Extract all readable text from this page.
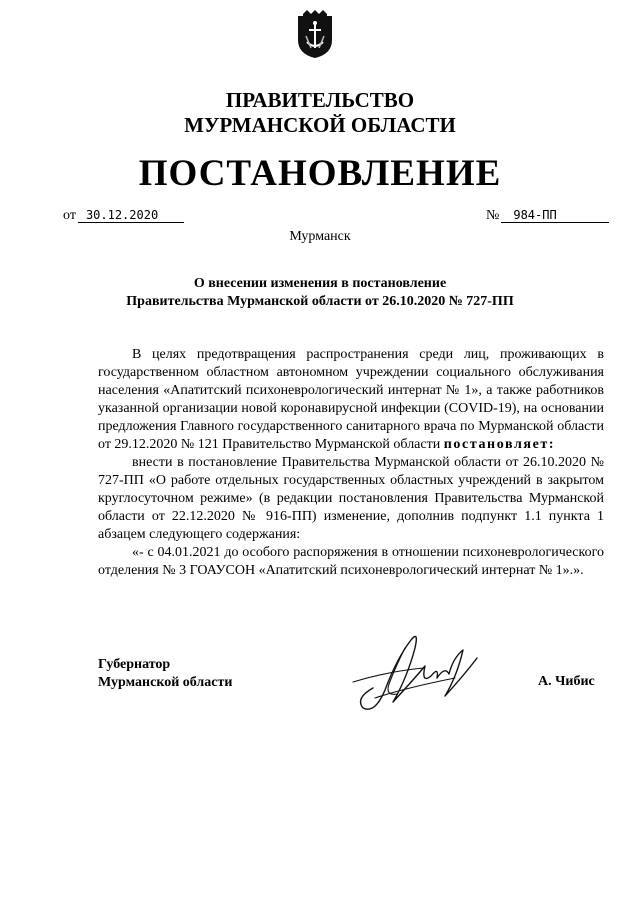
ПРАВИТЕЛЬСТВО
МУРМАНСКОЙ ОБЛАСТИ
ПОСТАНОВЛЕНИЕ
от 30.12.2020	№ 984-ПП
Мурманск
О внесении изменения в постановление
Правительства Мурманской области от 26.10.2020 № 727-ПП

В целях предотвращения распространения среди лиц, проживающих в государственном областном автономном учреждении социального обслуживания населения «Апатитский психоневрологический интернат № 1», а также работников указанной организации новой коронавирусной инфекции (COVID-19), на основании предложения Главного государственного санитарного врача по Мурманской области от 29.12.2020 № 121 Правительство Мурманской области постановляет:

внести в постановление Правительства Мурманской области от 26.10.2020 № 727-ПП «О работе отдельных государственных областных учреждений в закрытом круглосуточном режиме» (в редакции постановления Правительства Мурманской области от 22.12.2020 № 916-ПП) изменение, дополнив подпункт 1.1 пункта 1 абзацем следующего содержания:

«- с 04.01.2021 до особого распоряжения в отношении психоневрологического отделения № 3 ГОАУСОН «Апатитский психоневрологический интернат № 1».».

Губернатор
Мурманской области	А. Чибис
